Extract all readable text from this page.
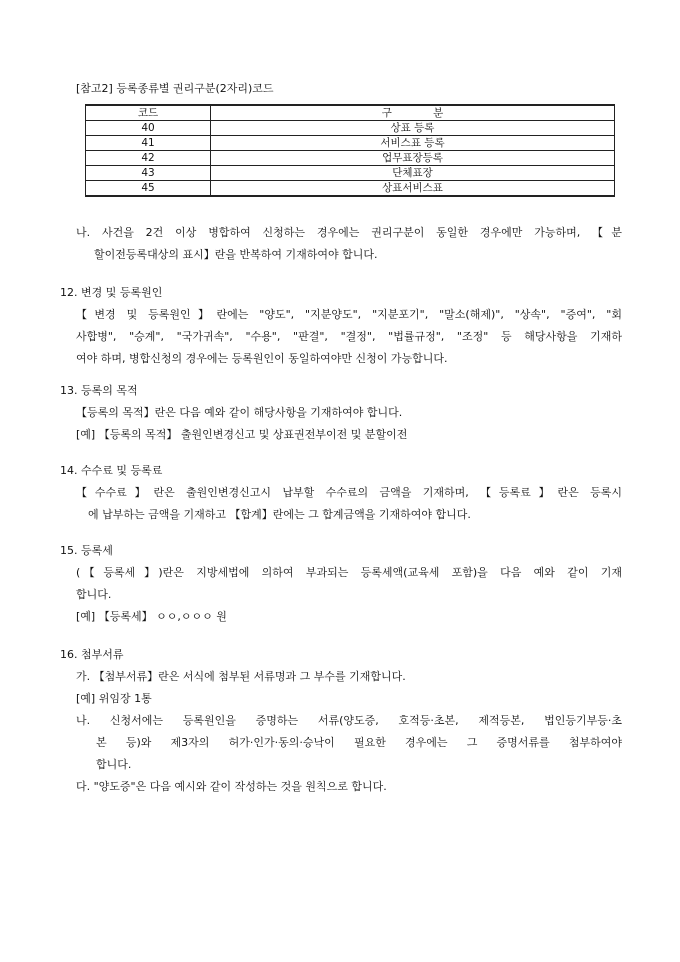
[참고2] 등록종류별 권리구분(2자리)코드
코드	구 분
40	상표 등록
41	서비스표 등록
42	업무표장등록
43	단체표장
45	상표서비스표
나. 사건을 2건 이상 병합하여 신청하는 경우에는 권리구분이 동일한 경우에만 가능하며, 【분
할이전등록대상의 표시】란을 반복하여 기재하여야 합니다.
12. 변경 및 등록원인
【변경 및 등록원인】란에는 "양도", "지분양도", "지분포기", "말소(해제)", "상속", "증여", "회
사합병", "승계", "국가귀속", "수용", "판결", "결정", "법률규정", "조정" 등 해당사항을 기재하
여야 하며, 병합신청의 경우에는 등록원인이 동일하여야만 신청이 가능합니다.
13. 등록의 목적
【등록의 목적】란은 다음 예와 같이 해당사항을 기재하여야 합니다.
[예] 【등록의 목적】 출원인변경신고 및 상표권전부이전 및 분할이전
14. 수수료 및 등록료
【수수료】란은 출원인변경신고시 납부할 수수료의 금액을 기재하며, 【등록료】란은 등록시
에 납부하는 금액을 기재하고 【합계】란에는 그 합계금액을 기재하여야 합니다.
15. 등록세
(【등록세】)란은 지방세법에 의하여 부과되는 등록세액(교육세 포함)을 다음 예와 같이 기재
합니다.
[예] 【등록세】 ㅇㅇ,ㅇㅇㅇ 원
16. 첨부서류
가. 【첨부서류】란은 서식에 첨부된 서류명과 그 부수를 기재합니다.
[예] 위임장 1통
나. 신청서에는 등록원인을 증명하는 서류(양도증, 호적등·초본, 제적등본, 법인등기부등·초
본 등)와 제3자의 허가·인가·동의·승낙이 필요한 경우에는 그 증명서류를 첨부하여야
합니다.
다. "양도증"은 다음 예시와 같이 작성하는 것을 원칙으로 합니다.
